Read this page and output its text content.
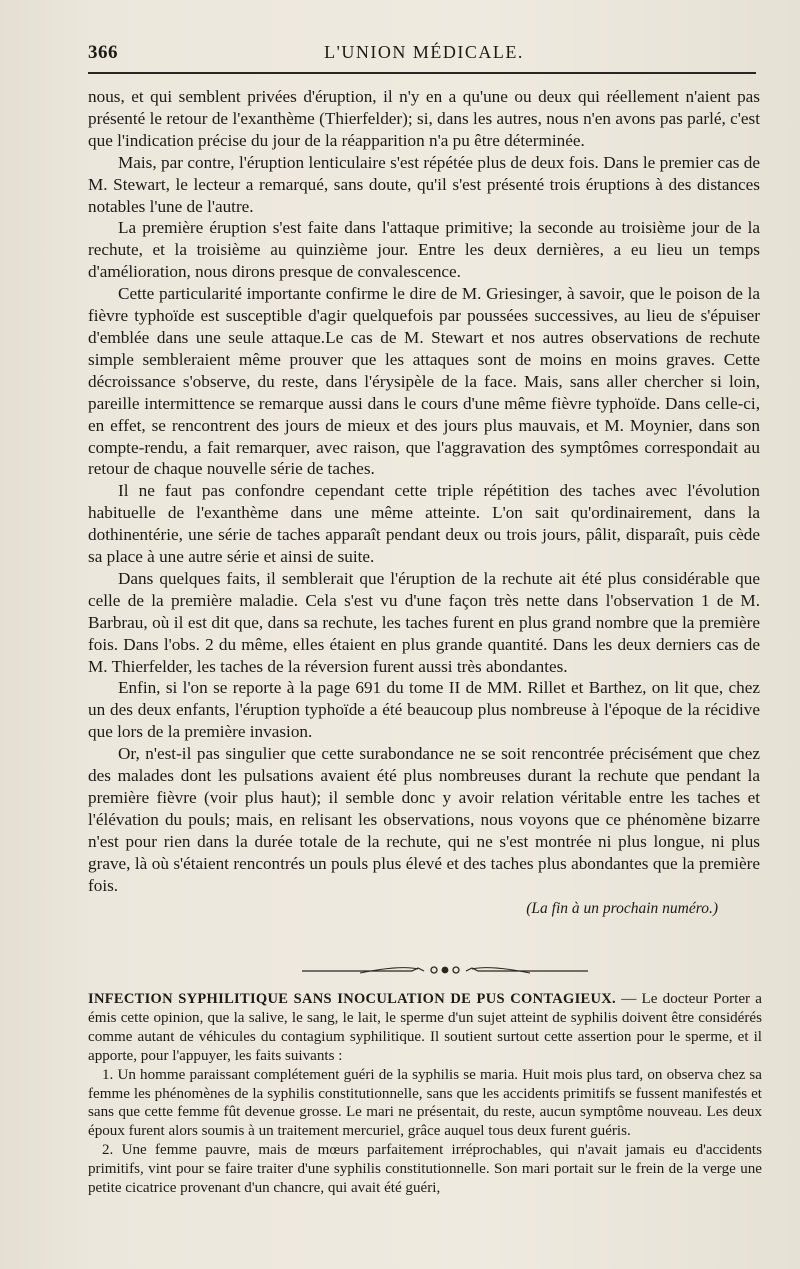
366	L'UNION MÉDICALE.

nous, et qui semblent privées d'éruption, il n'y en a qu'une ou deux qui réellement n'aient pas présenté le retour de l'exanthème (Thierfelder); si, dans les autres, nous n'en avons pas parlé, c'est que l'indication précise du jour de la réapparition n'a pu être déterminée.

Mais, par contre, l'éruption lenticulaire s'est répétée plus de deux fois. Dans le premier cas de M. Stewart, le lecteur a remarqué, sans doute, qu'il s'est présenté trois éruptions à des distances notables l'une de l'autre.

La première éruption s'est faite dans l'attaque primitive; la seconde au troisième jour de la rechute, et la troisième au quinzième jour. Entre les deux dernières, a eu lieu un temps d'amélioration, nous dirons presque de convalescence.

Cette particularité importante confirme le dire de M. Griesinger, à savoir, que le poison de la fièvre typhoïde est susceptible d'agir quelquefois par poussées successives, au lieu de s'épuiser d'emblée dans une seule attaque.Le cas de M. Stewart et nos autres observations de rechute simple sembleraient même prouver que les attaques sont de moins en moins graves. Cette décroissance s'observe, du reste, dans l'érysipèle de la face. Mais, sans aller chercher si loin, pareille intermittence se remarque aussi dans le cours d'une même fièvre typhoïde. Dans celle-ci, en effet, se rencontrent des jours de mieux et des jours plus mauvais, et M. Moynier, dans son compte-rendu, a fait remarquer, avec raison, que l'aggravation des symptômes correspondait au retour de chaque nouvelle série de taches.

Il ne faut pas confondre cependant cette triple répétition des taches avec l'évolution habituelle de l'exanthème dans une même atteinte. L'on sait qu'ordinairement, dans la dothinentérie, une série de taches apparaît pendant deux ou trois jours, pâlit, disparaît, puis cède sa place à une autre série et ainsi de suite.

Dans quelques faits, il semblerait que l'éruption de la rechute ait été plus considérable que celle de la première maladie. Cela s'est vu d'une façon très nette dans l'observation 1 de M. Barbrau, où il est dit que, dans sa rechute, les taches furent en plus grand nombre que la première fois. Dans l'obs. 2 du même, elles étaient en plus grande quantité. Dans les deux derniers cas de M. Thierfelder, les taches de la réversion furent aussi très abondantes.

Enfin, si l'on se reporte à la page 691 du tome II de MM. Rillet et Barthez, on lit que, chez un des deux enfants, l'éruption typhoïde a été beaucoup plus nombreuse à l'époque de la récidive que lors de la première invasion.

Or, n'est-il pas singulier que cette surabondance ne se soit rencontrée précisément que chez des malades dont les pulsations avaient été plus nombreuses durant la rechute que pendant la première fièvre (voir plus haut); il semble donc y avoir relation véritable entre les taches et l'élévation du pouls; mais, en relisant les observations, nous voyons que ce phénomène bizarre n'est pour rien dans la durée totale de la rechute, qui ne s'est montrée ni plus longue, ni plus grave, là où s'étaient rencontrés un pouls plus élevé et des taches plus abondantes que la première fois.

(La fin à un prochain numéro.)

INFECTION SYPHILITIQUE SANS INOCULATION DE PUS CONTAGIEUX. — Le docteur Porter a émis cette opinion, que la salive, le sang, le lait, le sperme d'un sujet atteint de syphilis doivent être considérés comme autant de véhicules du contagium syphilitique. Il soutient surtout cette assertion pour le sperme, et il apporte, pour l'appuyer, les faits suivants :

1. Un homme paraissant complétement guéri de la syphilis se maria. Huit mois plus tard, on observa chez sa femme les phénomènes de la syphilis constitutionnelle, sans que les accidents primitifs se fussent manifestés et sans que cette femme fût devenue grosse. Le mari ne présentait, du reste, aucun symptôme nouveau. Les deux époux furent alors soumis à un traitement mercuriel, grâce auquel tous deux furent guéris.

2. Une femme pauvre, mais de mœurs parfaitement irréprochables, qui n'avait jamais eu d'accidents primitifs, vint pour se faire traiter d'une syphilis constitutionnelle. Son mari portait sur le frein de la verge une petite cicatrice provenant d'un chancre, qui avait été guéri,
